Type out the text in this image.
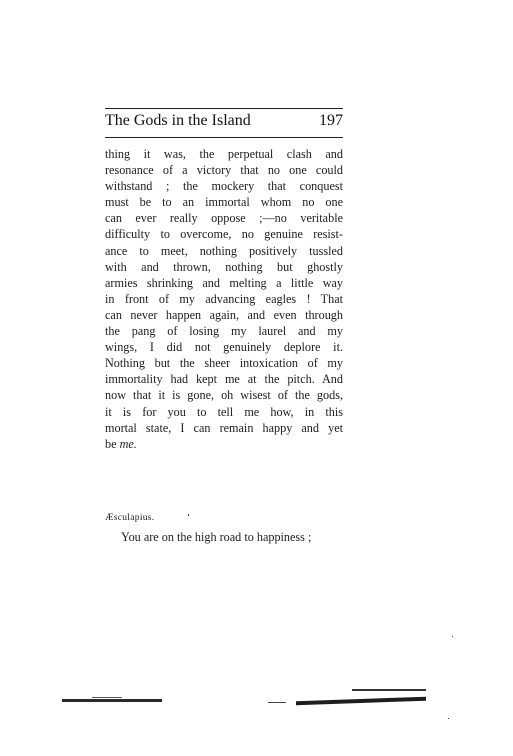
The Gods in the Island	197
thing it was, the perpetual clash and
resonance of a victory that no one could
withstand ; the mockery that conquest
must be to an immortal whom no one
can ever really oppose ;—no veritable
difficulty to overcome, no genuine resist-
ance to meet, nothing positively tussled
with and thrown, nothing but ghostly
armies shrinking and melting a little way
in front of my advancing eagles ! That
can never happen again, and even through
the pang of losing my laurel and my
wings, I did not genuinely deplore it.
Nothing but the sheer intoxication of my
immortality had kept me at the pitch. And
now that it is gone, oh wisest of the gods,
it is for you to tell me how, in this
mortal state, I can remain happy and yet
be me.
Æsculapius.
You are on the high road to happiness ;
